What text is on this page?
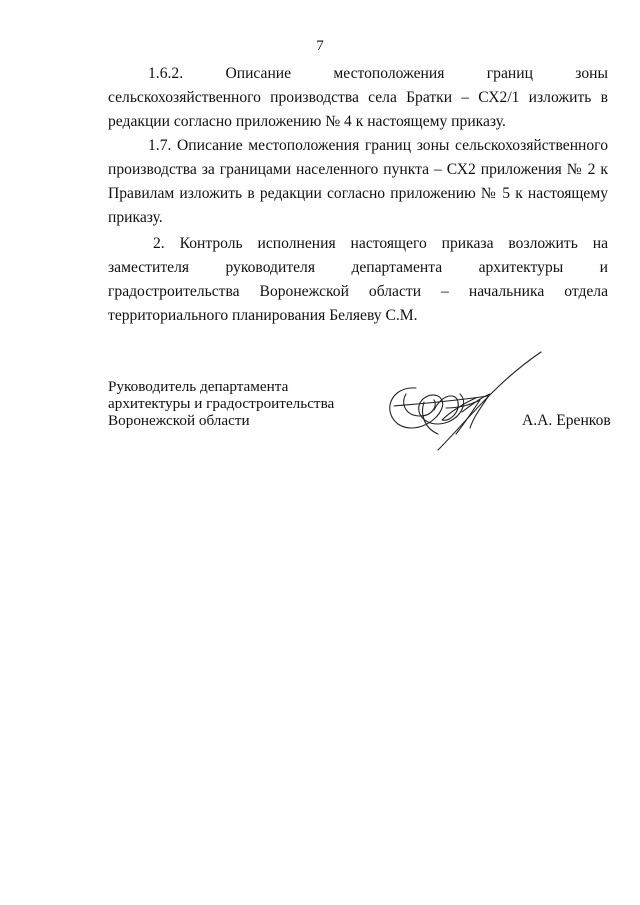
7

1.6.2. Описание местоположения границ зоны сельскохозяйственного производства села Братки – СХ2/1 изложить в редакции согласно приложению № 4 к настоящему приказу.

1.7. Описание местоположения границ зоны сельскохозяйственного производства за границами населенного пункта – СХ2 приложения № 2 к Правилам изложить в редакции согласно приложению № 5 к настоящему приказу.

2. Контроль исполнения настоящего приказа возложить на заместителя руководителя департамента архитектуры и градостроительства Воронежской области – начальника отдела территориального планирования Беляеву С.М.

Руководитель департамента
архитектуры и градостроительства
Воронежской области	А.А. Еренков
